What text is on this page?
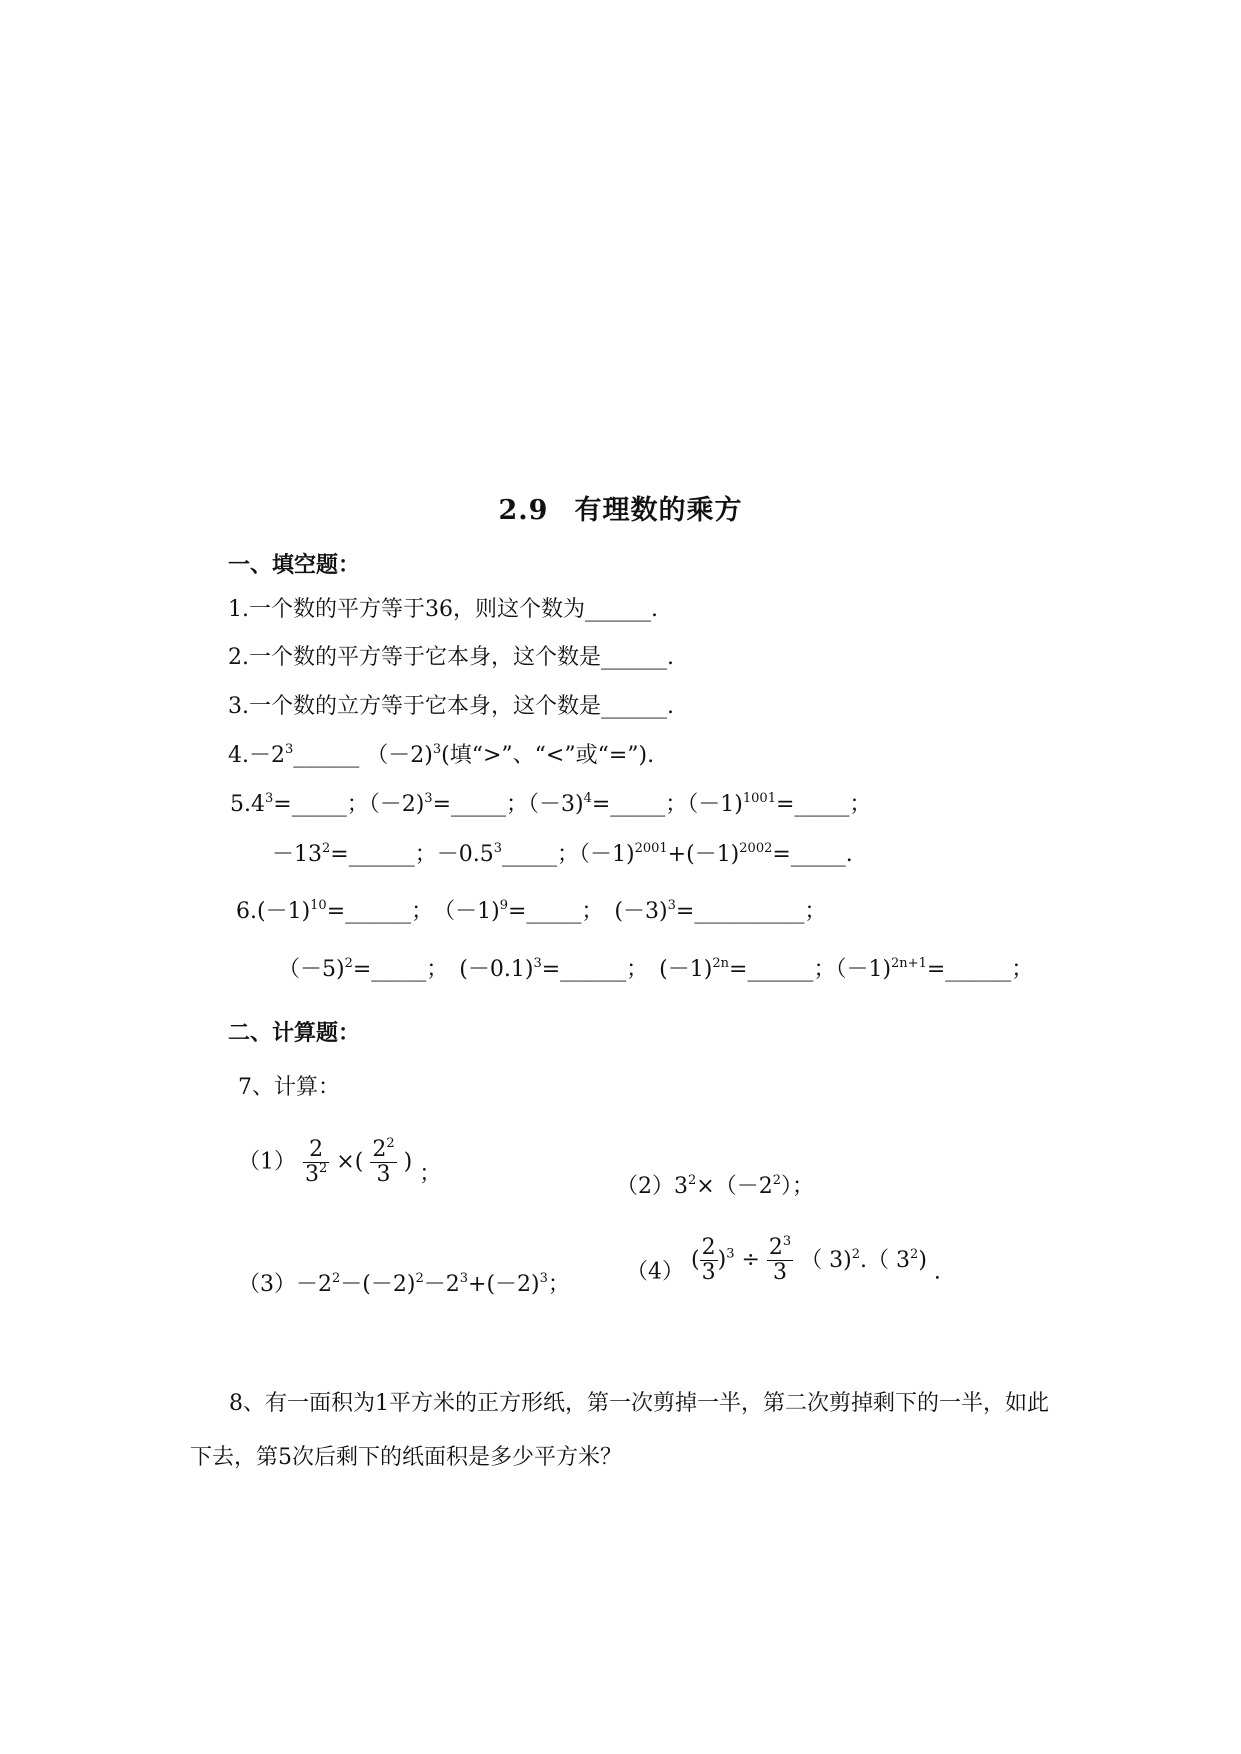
2.9 有理数的乘方
一、填空题：
1.一个数的平方等于36，则这个数为______.
2.一个数的平方等于它本身，这个数是______.
3.一个数的立方等于它本身，这个数是______.
$4.-2^3\_\_\_\_\_\_$ （－2)$^3$(填“>”、“<”或“=”).
$5.4^3=\_\_\_\_\_$；（－2)$^3$=_____；（－3)$^4$=_____；（－1)$^{1001}$=_____；
$-13^2=\_\_\_\_\_\_$；$-0.5^3\_\_\_\_\_$；$(-1)^{2001}+(-1)^{2002}=\_\_\_\_\_$.
$6.(-1)^{10}=\_\_\_\_\_\_$；　（－1)$^9$=_____；　$(-3)^3=\_\_\_\_\_\_\_\_\_\_$；
（－5)$^2$=_____；　$(-0.1)^3=\_\_\_\_\_\_$；　$(-1)^{2n}=\_\_\_\_\_\_$；（－1)$^{2n+1}$=______；
二、计算题：
7、计算：
$(1) \frac{2}{3^2}$ ×( $\frac{2^2}{3}$ ) ；	$(2)3^2\times(-2^2)$；
$(3)-2^2-(-2)^2-2^3+(-2)^3$；	（4） ( $\frac{2}{3} )^3 \div \frac{2^3}{3}$ （ 3)$^2$.（ $3^2$) .
8、有一面积为1平方米的正方形纸，第一次剪掉一半，第二次剪掉剩下的一半，如此下去，第5次后剩下的纸面积是多少平方米？
